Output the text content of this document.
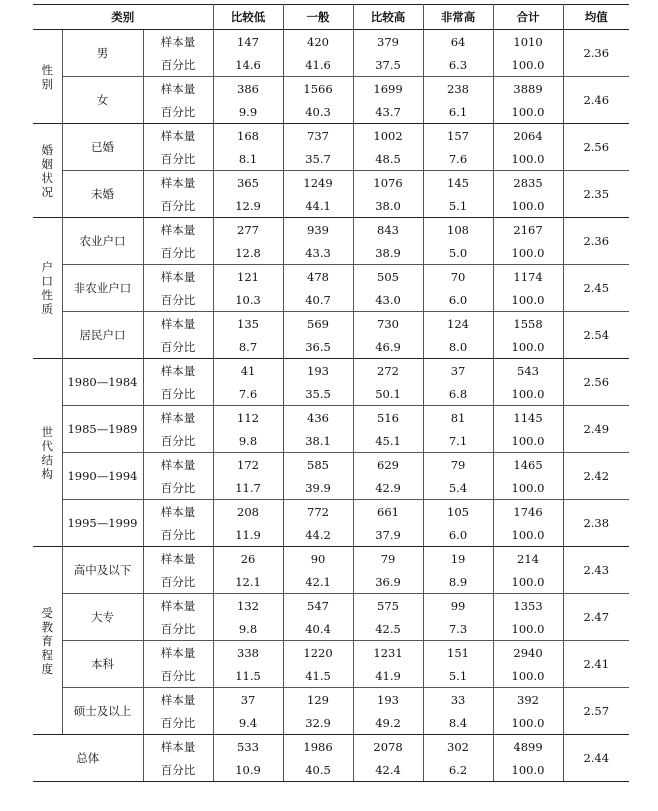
类别			比较低	一般	比较高	非常高	合计	均值

性
别	男	样本量	147	420	379	64	1010	2.36
		百分比	14.6	41.6	37.5	6.3	100.0	
	女	样本量	386	1566	1699	238	3889	2.46
		百分比	9.9	40.3	43.7	6.1	100.0	

婚
姻
状
况	已婚	样本量	168	737	1002	157	2064	2.56
		百分比	8.1	35.7	48.5	7.6	100.0	
	未婚	样本量	365	1249	1076	145	2835	2.35
		百分比	12.9	44.1	38.0	5.1	100.0	

户
口
性
质	农业户口	样本量	277	939	843	108	2167	2.36
		百分比	12.8	43.3	38.9	5.0	100.0	
	非农业户口	样本量	121	478	505	70	1174	2.45
		百分比	10.3	40.7	43.0	6.0	100.0	
	居民户口	样本量	135	569	730	124	1558	2.54
		百分比	8.7	36.5	46.9	8.0	100.0	

世
代
结
构	1980—1984	样本量	41	193	272	37	543	2.56
		百分比	7.6	35.5	50.1	6.8	100.0	
	1985—1989	样本量	112	436	516	81	1145	2.49
		百分比	9.8	38.1	45.1	7.1	100.0	
	1990—1994	样本量	172	585	629	79	1465	2.42
		百分比	11.7	39.9	42.9	5.4	100.0	
	1995—1999	样本量	208	772	661	105	1746	2.38
		百分比	11.9	44.2	37.9	6.0	100.0	

受
教
育
程
度	高中及以下	样本量	26	90	79	19	214	2.43
		百分比	12.1	42.1	36.9	8.9	100.0	
	大专	样本量	132	547	575	99	1353	2.47
		百分比	9.8	40.4	42.5	7.3	100.0	
	本科	样本量	338	1220	1231	151	2940	2.41
		百分比	11.5	41.5	41.9	5.1	100.0	
	硕士及以上	样本量	37	129	193	33	392	2.57
		百分比	9.4	32.9	49.2	8.4	100.0	
总体		样本量	533	1986	2078	302	4899	2.44
		百分比	10.9	40.5	42.4	6.2	100.0	
